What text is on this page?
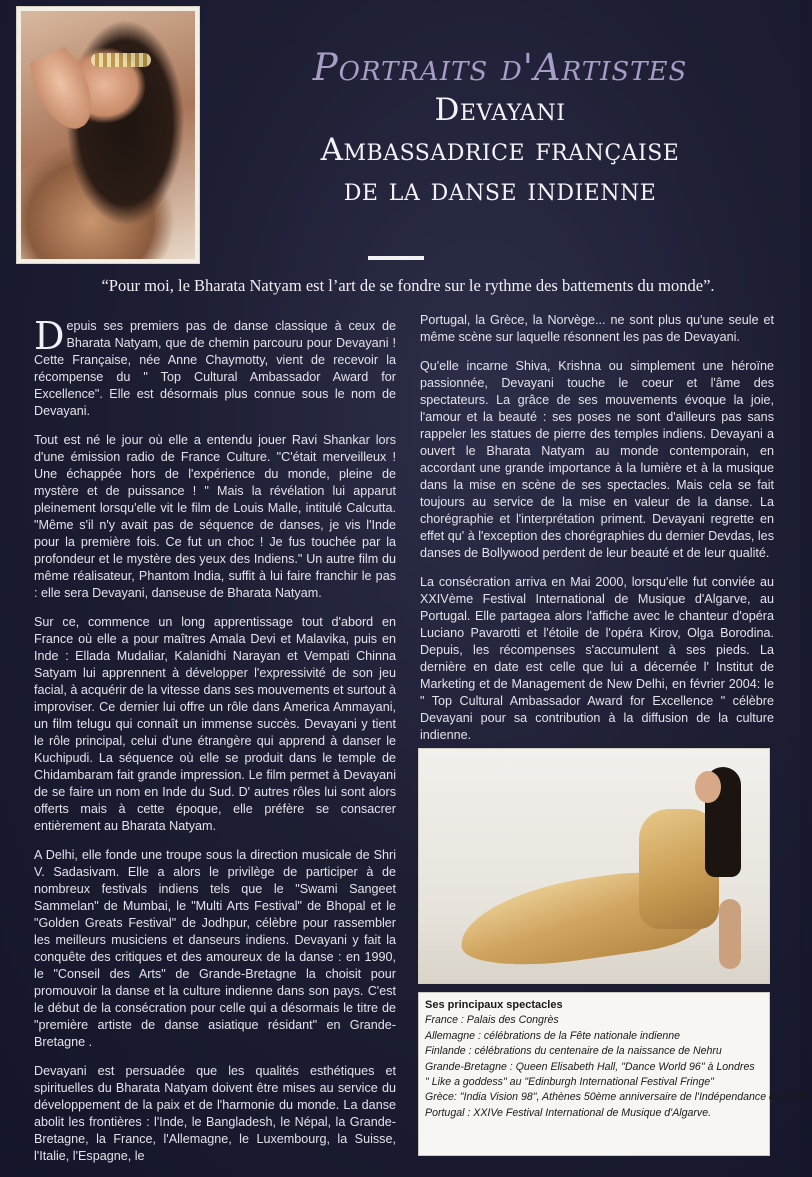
Portraits d'Artistes
Devayani
Ambassadrice française
de la danse indienne
“Pour moi, le Bharata Natyam est l’art de se fondre sur le rythme des battements du monde”.

Depuis ses premiers pas de danse classique à ceux de Bharata Natyam, que de chemin parcouru pour Devayani ! Cette Française, née Anne Chaymotty, vient de recevoir la récompense du " Top Cultural Ambassador Award for Excellence". Elle est désormais plus connue sous le nom de Devayani.

Tout est né le jour où elle a entendu jouer Ravi Shankar lors d'une émission radio de France Culture. "C'était merveilleux ! Une échappée hors de l'expérience du monde, pleine de mystère et de puissance ! " Mais la révélation lui apparut pleinement lorsqu'elle vit le film de Louis Malle, intitulé Calcutta. "Même s'il n'y avait pas de séquence de danses, je vis l'Inde pour la première fois. Ce fut un choc ! Je fus touchée par la profondeur et le mystère des yeux des Indiens." Un autre film du même réalisateur, Phantom India, suffit à lui faire franchir le pas : elle sera Devayani, danseuse de Bharata Natyam.

Sur ce, commence un long apprentissage tout d'abord en France où elle a pour maîtres Amala Devi et Malavika, puis en Inde : Ellada Mudaliar, Kalanidhi Narayan et Vempati Chinna Satyam lui apprennent à développer l'expressivité de son jeu facial, à acquérir de la vitesse dans ses mouvements et surtout à improviser. Ce dernier lui offre un rôle dans America Ammayani, un film telugu qui connaît un immense succès. Devayani y tient le rôle principal, celui d'une étrangère qui apprend à danser le Kuchipudi. La séquence où elle se produit dans le temple de Chidambaram fait grande impression. Le film permet à Devayani de se faire un nom en Inde du Sud. D' autres rôles lui sont alors offerts mais à cette époque, elle préfère se consacrer entièrement au Bharata Natyam.

A Delhi, elle fonde une troupe sous la direction musicale de Shri V. Sadasivam. Elle a alors le privilège de participer à de nombreux festivals indiens tels que le "Swami Sangeet Sammelan" de Mumbai, le "Multi Arts Festival" de Bhopal et le "Golden Greats Festival" de Jodhpur, célèbre pour rassembler les meilleurs musiciens et danseurs indiens. Devayani y fait la conquête des critiques et des amoureux de la danse : en 1990, le "Conseil des Arts" de Grande-Bretagne la choisit pour promouvoir la danse et la culture indienne dans son pays. C'est le début de la consécration pour celle qui a désormais le titre de "première artiste de danse asiatique résidant" en Grande-Bretagne .

Devayani est persuadée que les qualités esthétiques et spirituelles du Bharata Natyam doivent être mises au service du développement de la paix et de l'harmonie du monde. La danse abolit les frontières : l'Inde, le Bangladesh, le Népal, la Grande-Bretagne, la France, l'Allemagne, le Luxembourg, la Suisse, l'Italie, l'Espagne, le

Portugal, la Grèce, la Norvège... ne sont plus qu'une seule et même scène sur laquelle résonnent les pas de Devayani.

Qu'elle incarne Shiva, Krishna ou simplement une héroïne passionnée, Devayani touche le coeur et l'âme des spectateurs. La grâce de ses mouvements évoque la joie, l'amour et la beauté : ses poses ne sont d'ailleurs pas sans rappeler les statues de pierre des temples indiens. Devayani a ouvert le Bharata Natyam au monde contemporain, en accordant une grande importance à la lumière et à la musique dans la mise en scène de ses spectacles. Mais cela se fait toujours au service de la mise en valeur de la danse. La chorégraphie et l'interprétation priment. Devayani regrette en effet qu' à l'exception des chorégraphies du dernier Devdas, les danses de Bollywood perdent de leur beauté et de leur qualité.

La consécration arriva en Mai 2000, lorsqu'elle fut conviée au XXIVème Festival International de Musique d'Algarve, au Portugal. Elle partagea alors l'affiche avec le chanteur d'opéra Luciano Pavarotti et l'étoile de l'opéra Kirov, Olga Borodina. Depuis, les récompenses s'accumulent à ses pieds. La dernière en date est celle que lui a décernée l' Institut de Marketing et de Management de New Delhi, en février 2004: le " Top Cultural Ambassador Award for Excellence " célèbre Devayani pour sa contribution à la diffusion de la culture indienne.

Ses principaux spectacles
France : Palais des Congrès
Allemagne : célébrations de la Fête nationale indienne
Finlande : célébrations du centenaire de la naissance de Nehru
Grande-Bretagne : Queen Elisabeth Hall, "Dance World 96" à Londres
" Like a goddess" au "Edinburgh International Festival Fringe"
Grèce: "India Vision 98", Athènes 50ème anniversaire de l'Indépendance de l'Inde.
Portugal : XXIVe Festival International de Musique d'Algarve.
